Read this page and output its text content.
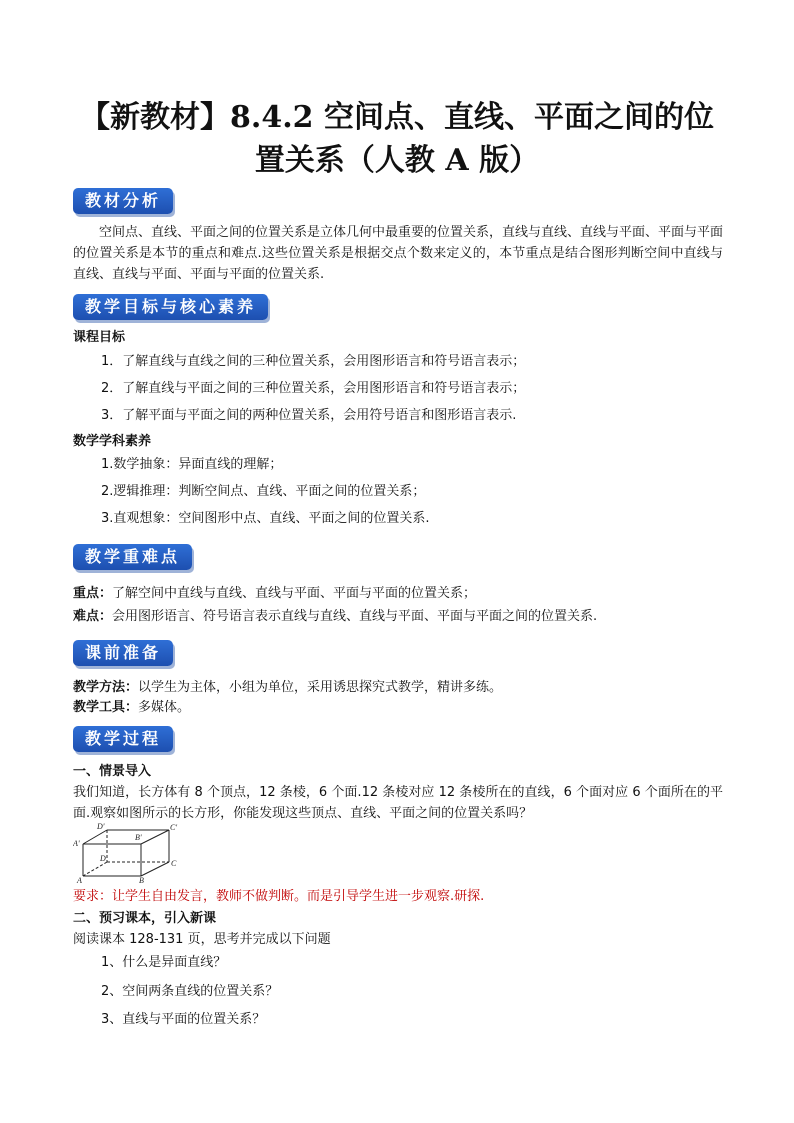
【新教材】8.4.2 空间点、直线、平面之间的位
置关系（人教 A 版）
教材分析
空间点、直线、平面之间的位置关系是立体几何中最重要的位置关系，直线与直线、直线与平面、平面与平面的位置关系是本节的重点和难点.这些位置关系是根据交点个数来定义的，本节重点是结合图形判断空间中直线与直线、直线与平面、平面与平面的位置关系.
教学目标与核心素养
课程目标
1．了解直线与直线之间的三种位置关系，会用图形语言和符号语言表示；
2．了解直线与平面之间的三种位置关系，会用图形语言和符号语言表示；
3．了解平面与平面之间的两种位置关系，会用符号语言和图形语言表示.
数学学科素养
1.数学抽象：异面直线的理解；
2.逻辑推理：判断空间点、直线、平面之间的位置关系；
3.直观想象：空间图形中点、直线、平面之间的位置关系.
教学重难点
重点：了解空间中直线与直线、直线与平面、平面与平面的位置关系；
难点：会用图形语言、符号语言表示直线与直线、直线与平面、平面与平面之间的位置关系.
课前准备
教学方法：以学生为主体，小组为单位，采用诱思探究式教学，精讲多练。
教学工具：多媒体。
教学过程
一、情景导入
我们知道，长方体有 8 个顶点，12 条棱，6 个面.12 条棱对应 12 条棱所在的直线，6 个面对应 6 个面所在的平面.观察如图所示的长方形，你能发现这些顶点、直线、平面之间的位置关系吗？
D'
B'
C'
A'
D
C
A	B
要求：让学生自由发言，教师不做判断。而是引导学生进一步观察.研探.
二、预习课本，引入新课
阅读课本 128-131 页，思考并完成以下问题
1、什么是异面直线？
2、空间两条直线的位置关系？
3、直线与平面的位置关系？
